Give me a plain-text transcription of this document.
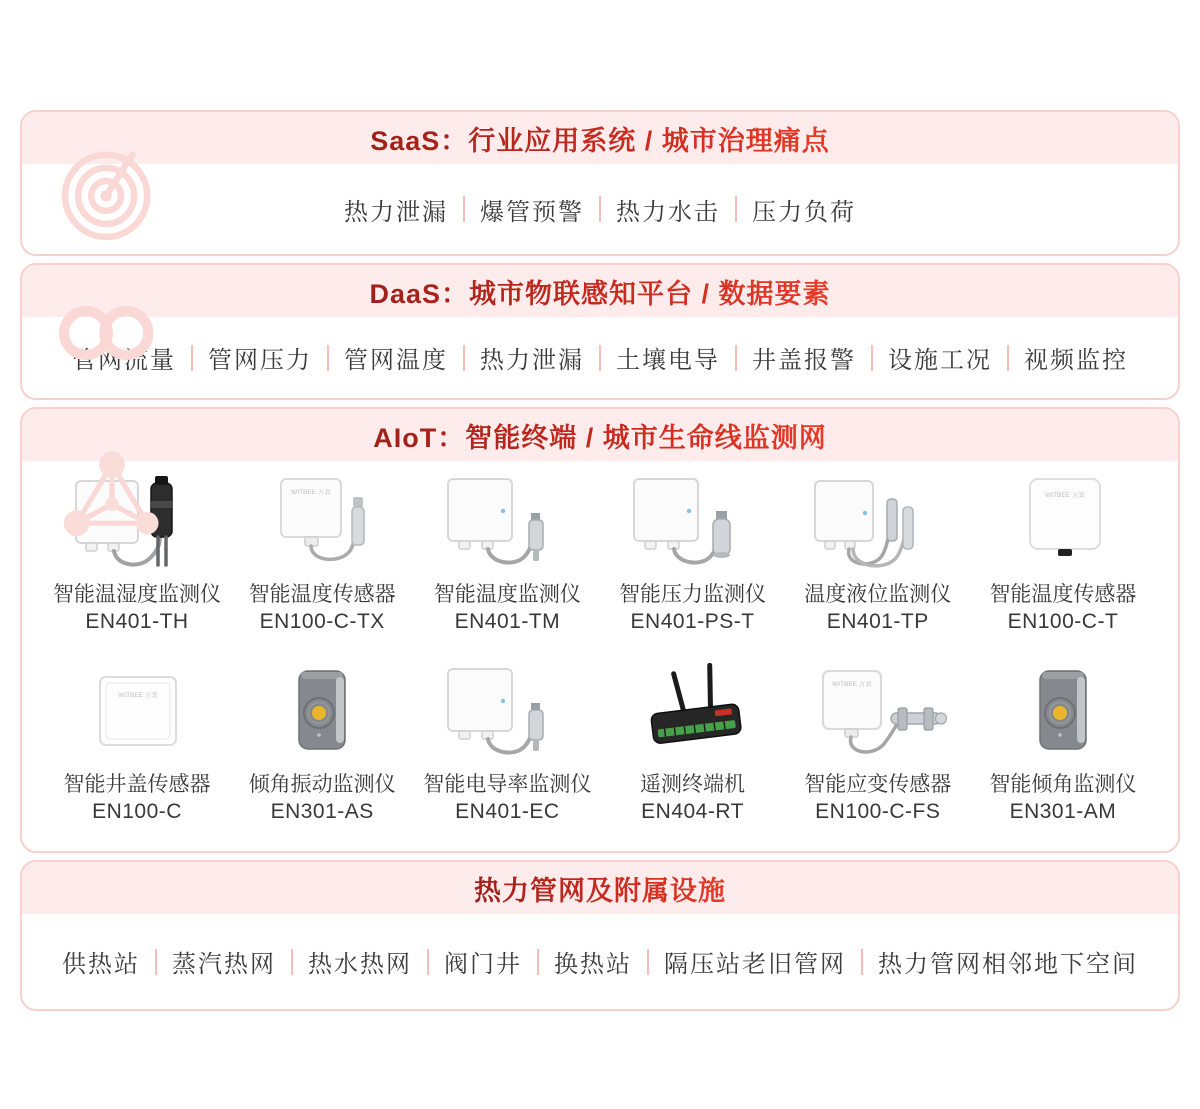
SaaS：行业应用系统 / 城市治理痛点
热力泄漏	爆管预警	热力水击	压力负荷
DaaS：城市物联感知平台 / 数据要素
管网流量	管网压力	管网温度	热力泄漏	土壤电导	井盖报警	设施工况	视频监控
AIoT：智能终端 / 城市生命线监测网
智能温湿度监测仪
EN401-TH
WITBEE 万宾
智能温度传感器
EN100-C-TX
智能温度监测仪
EN401-TM
智能压力监测仪
EN401-PS-T
温度液位监测仪
EN401-TP
WITBEE 万宾
智能温度传感器
EN100-C-T
WITBEE 万宾
智能井盖传感器
EN100-C
倾角振动监测仪
EN301-AS
智能电导率监测仪
EN401-EC
遥测终端机
EN404-RT
WITBEE 万宾
智能应变传感器
EN100-C-FS
智能倾角监测仪
EN301-AM
热力管网及附属设施
供热站	蒸汽热网	热水热网	阀门井	换热站	隔压站老旧管网	热力管网相邻地下空间
